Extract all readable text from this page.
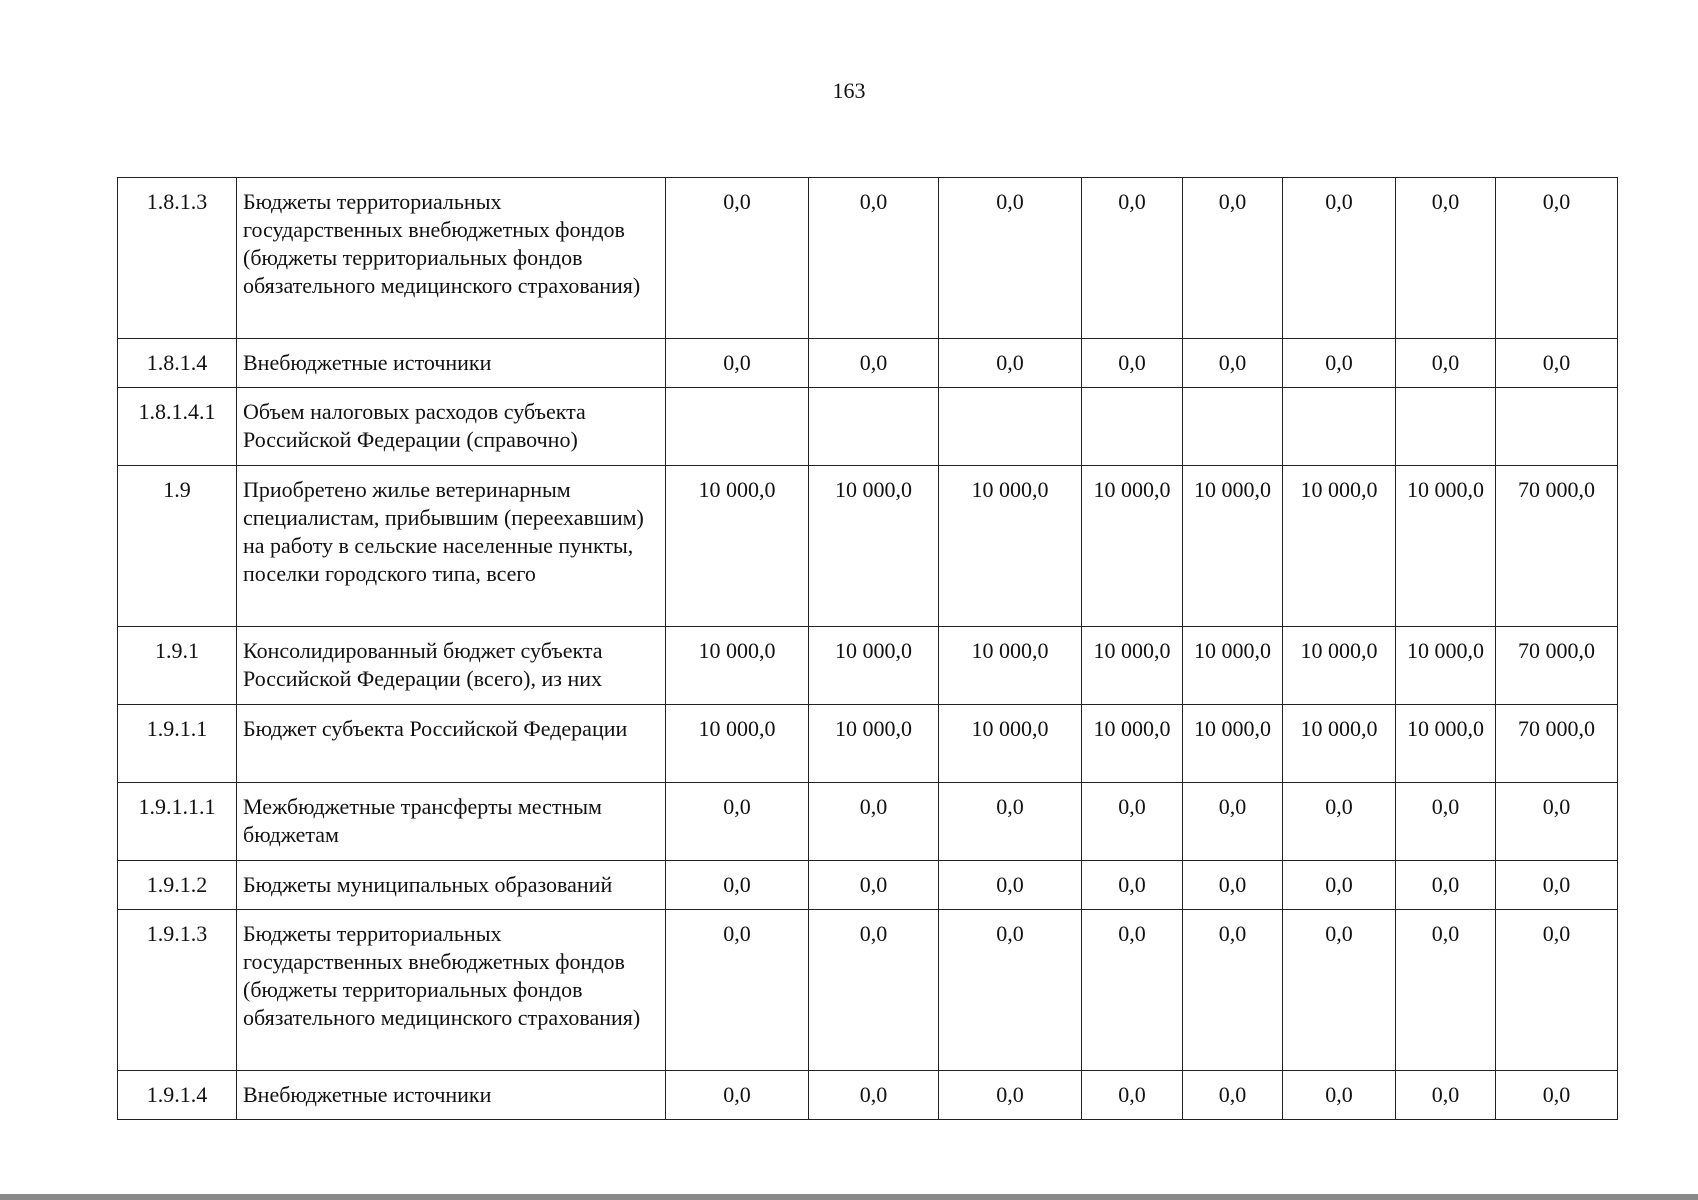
163
1.8.1.3	Бюджеты территориальных государственных внебюджетных фондов (бюджеты территориальных фондов обязательного медицинского страхования)	0,0	0,0	0,0	0,0	0,0	0,0	0,0	0,0
1.8.1.4	Внебюджетные источники	0,0	0,0	0,0	0,0	0,0	0,0	0,0	0,0
1.8.1.4.1	Объем налоговых расходов субъекта Российской Федерации (справочно)								
1.9	Приобретено жилье ветеринарным специалистам, прибывшим (переехавшим) на работу в сельские населенные пункты, поселки городского типа, всего	10 000,0	10 000,0	10 000,0	10 000,0	10 000,0	10 000,0	10 000,0	70 000,0
1.9.1	Консолидированный бюджет субъекта Российской Федерации (всего), из них	10 000,0	10 000,0	10 000,0	10 000,0	10 000,0	10 000,0	10 000,0	70 000,0
1.9.1.1	Бюджет субъекта Российской Федерации	10 000,0	10 000,0	10 000,0	10 000,0	10 000,0	10 000,0	10 000,0	70 000,0
1.9.1.1.1	Межбюджетные трансферты местным бюджетам	0,0	0,0	0,0	0,0	0,0	0,0	0,0	0,0
1.9.1.2	Бюджеты муниципальных образований	0,0	0,0	0,0	0,0	0,0	0,0	0,0	0,0
1.9.1.3	Бюджеты территориальных государственных внебюджетных фондов (бюджеты территориальных фондов обязательного медицинского страхования)	0,0	0,0	0,0	0,0	0,0	0,0	0,0	0,0
1.9.1.4	Внебюджетные источники	0,0	0,0	0,0	0,0	0,0	0,0	0,0	0,0
